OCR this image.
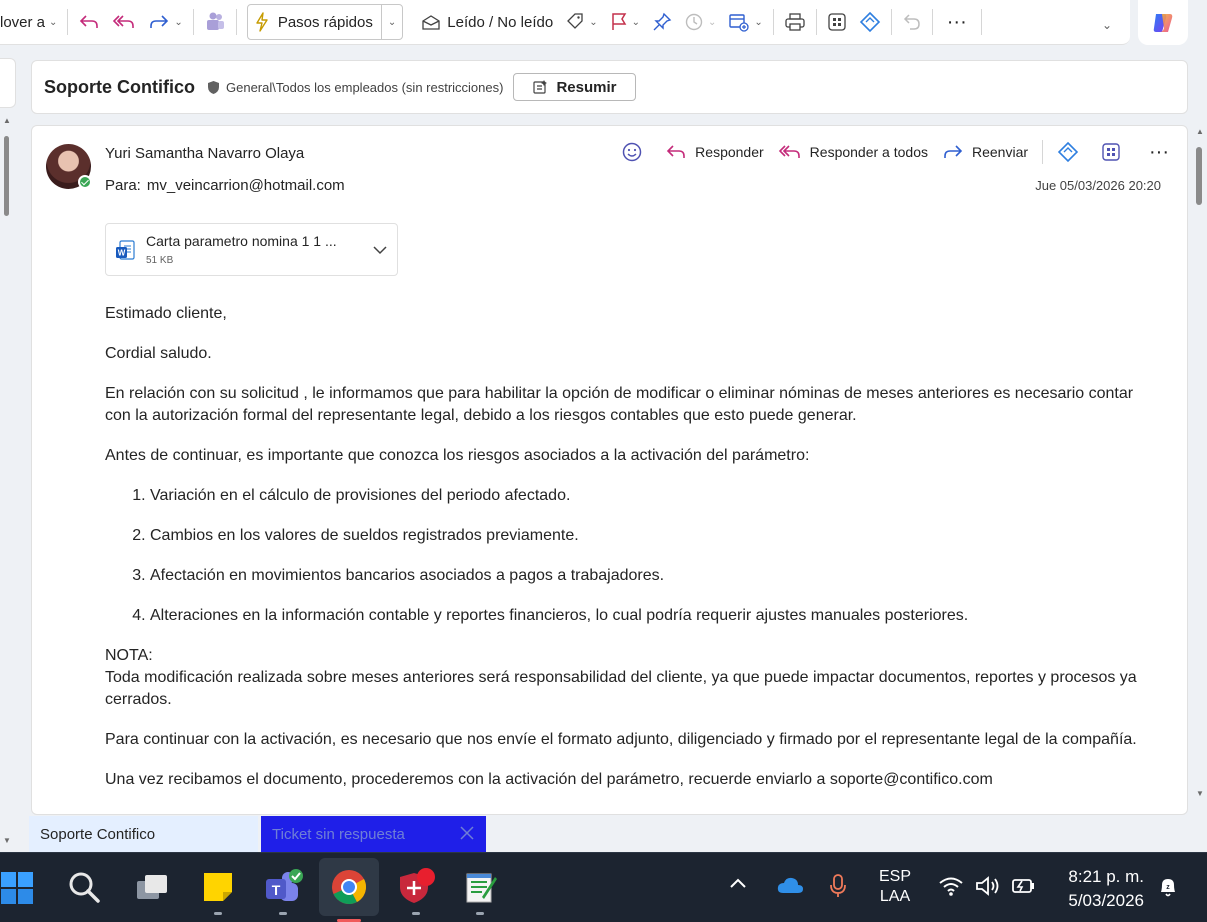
lover a ⌄	⌄	Pasos rápidos ⌄	Leído / No leído	⌄	⌄	⌄	⌄	···	⌄
▲
▼
Soporte Contifico General\Todos los empleados (sin restricciones)	Resumir
Yuri Samantha Navarro Olaya
Para: mv_veincarrion@hotmail.com
Responder	Responder a todos	Reenviar	···
Jue 05/03/2026 20:20
W
Carta parametro nomina 1 1 ...
51 KB

Estimado cliente,

Cordial saludo.

En relación con su solicitud , le informamos que para habilitar la opción de modificar o eliminar nóminas de meses anteriores es necesario contar con la autorización formal del representante legal, debido a los riesgos contables que esto puede generar.

Antes de continuar, es importante que conozca los riesgos asociados a la activación del parámetro:

1. Variación en el cálculo de provisiones del periodo afectado.
2. Cambios en los valores de sueldos registrados previamente.
3. Afectación en movimientos bancarios asociados a pagos a trabajadores.
4. Alteraciones en la información contable y reportes financieros, lo cual podría requerir ajustes manuales posteriores.

NOTA:
Toda modificación realizada sobre meses anteriores será responsabilidad del cliente, ya que puede impactar documentos, reportes y procesos ya cerrados.

Para continuar con la activación, es necesario que nos envíe el formato adjunto, diligenciado y firmado por el representante legal de la compañía.

Una vez recibamos el documento, procederemos con la activación del parámetro, recuerde enviarlo a soporte@contifico.com

▲
▼
Soporte Contifico	Ticket sin respuesta
T
ESP
LAA
8:21 p. m.
5/03/2026
z
